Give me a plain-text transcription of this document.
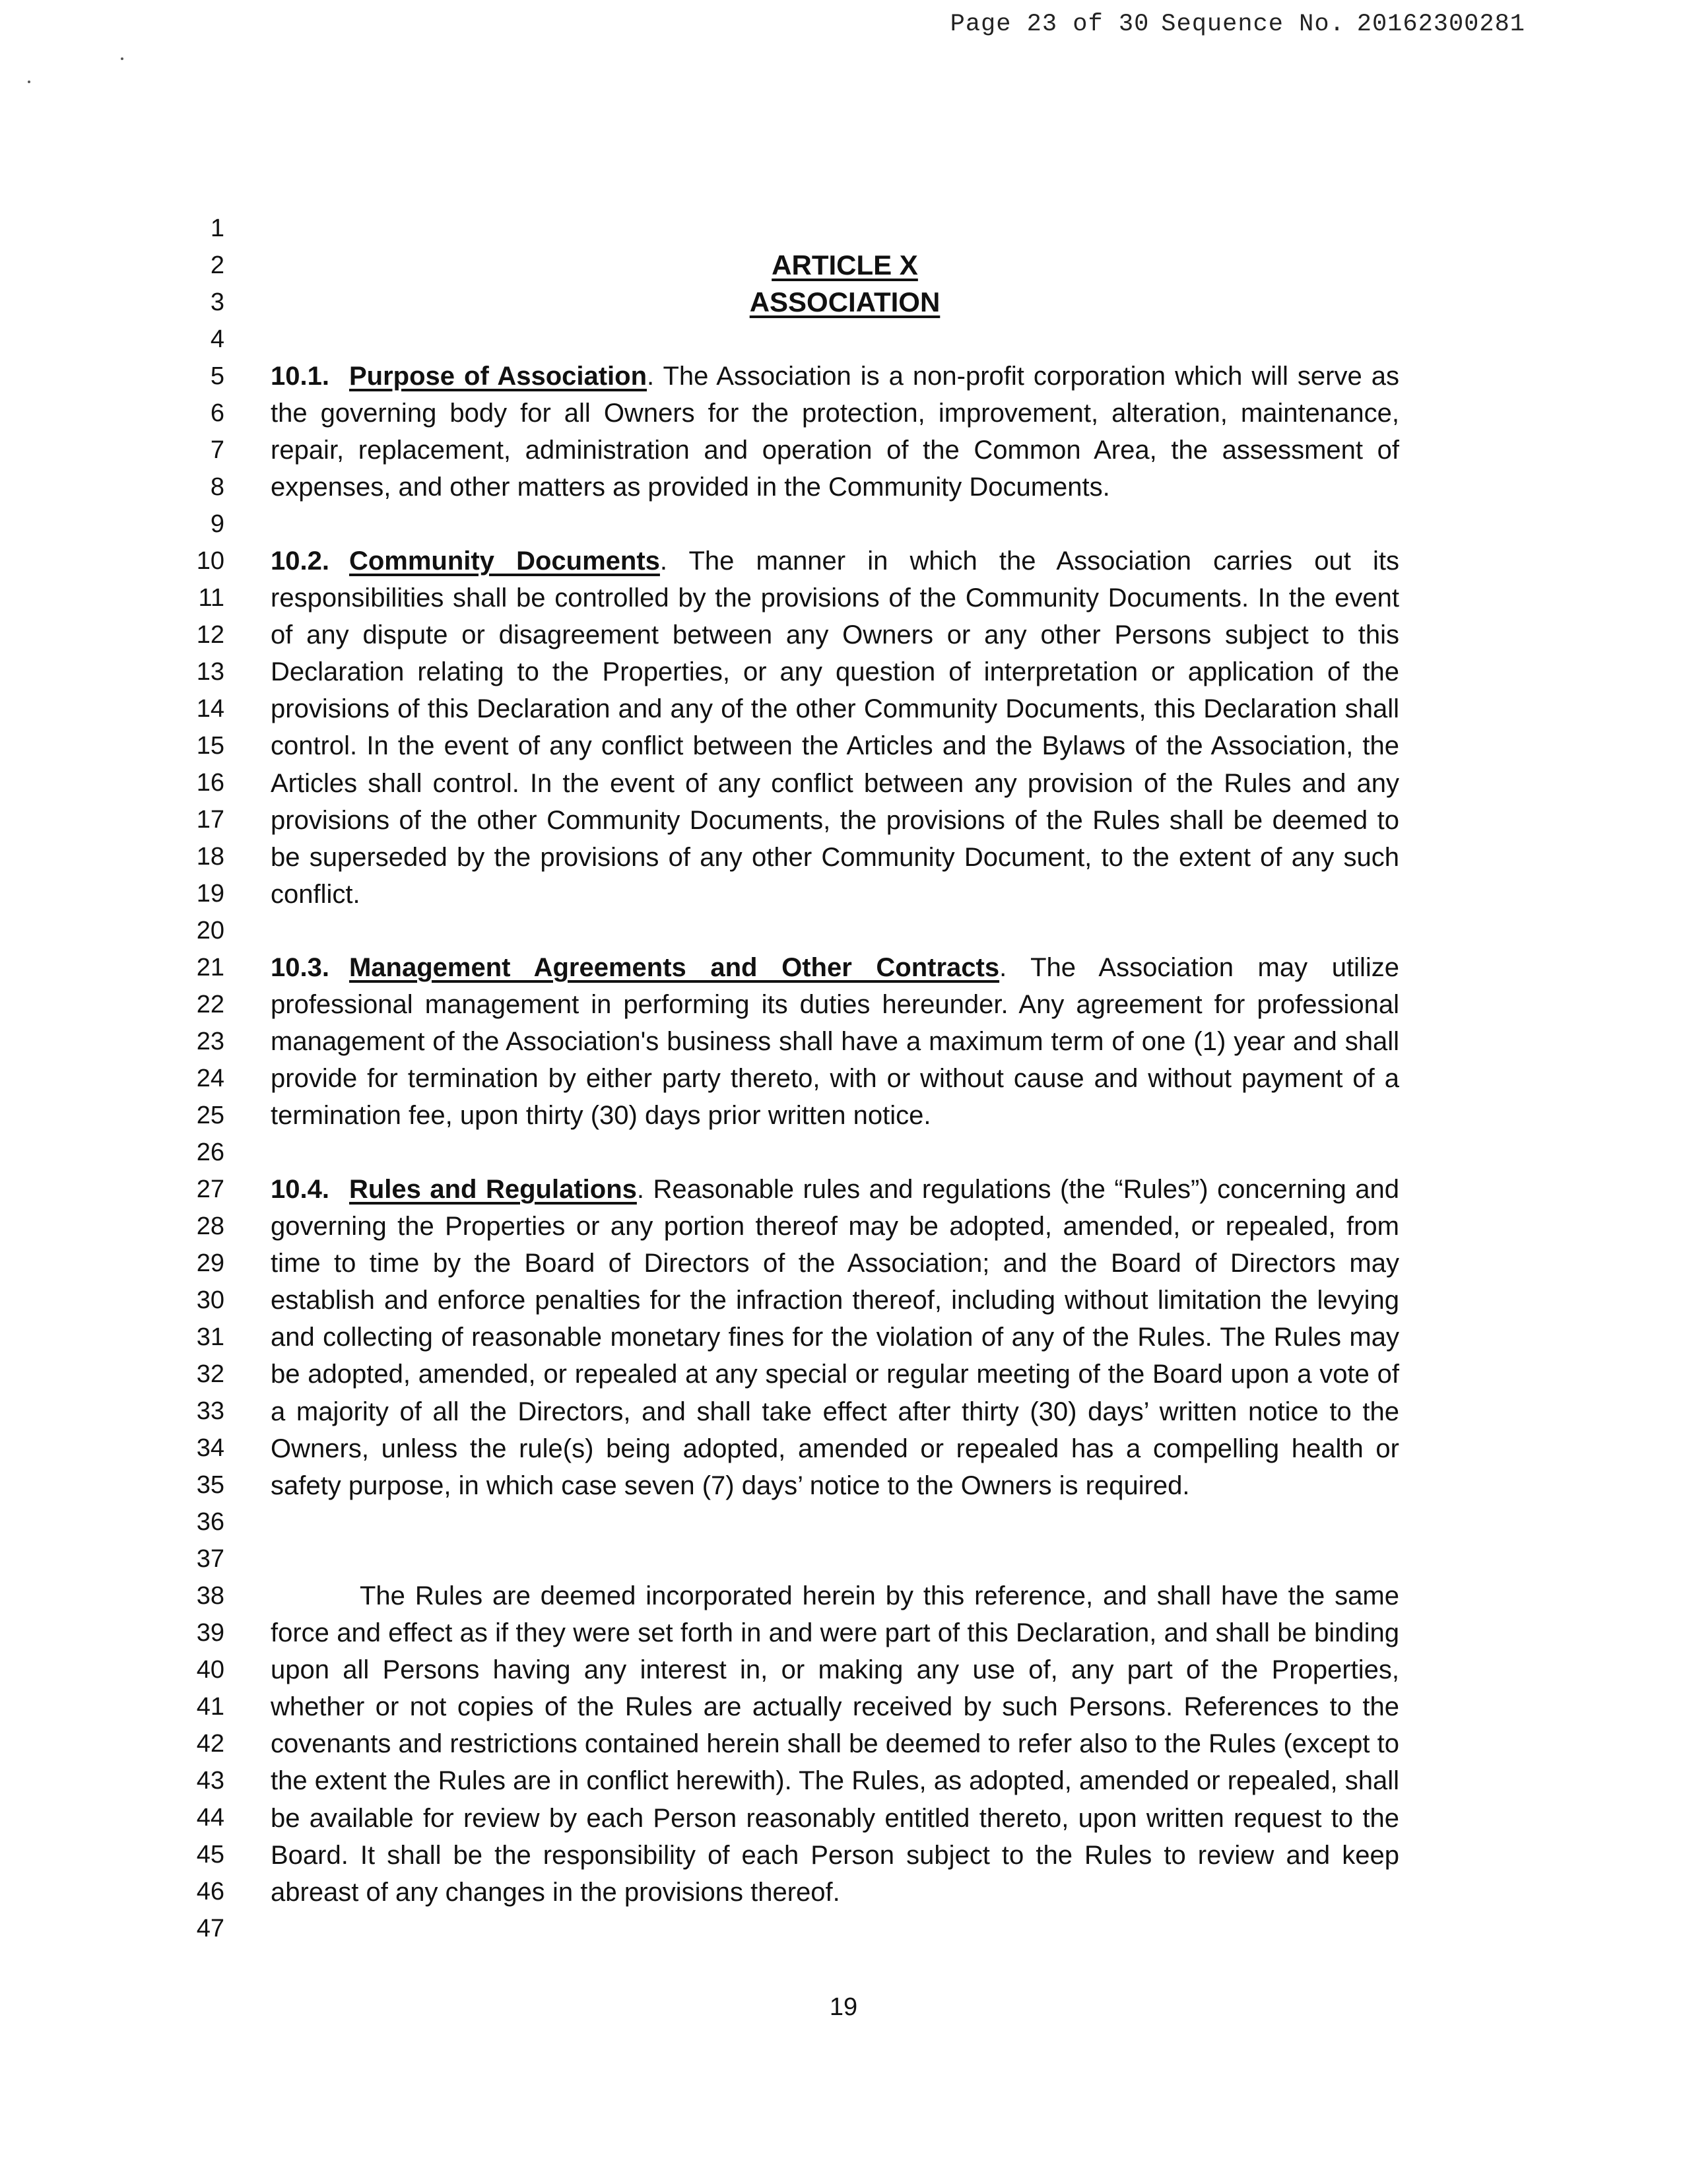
Page 23 of 30 Sequence No. 20162300281
1
2
3
4
5
6
7
8
9
10
11
12
13
14
15
16
17
18
19
20
21
22
23
24
25
26
27
28
29
30
31
32
33
34
35
36
37
38
39
40
41
42
43
44
45
46
47
ARTICLE X
ASSOCIATION
10.1. Purpose of Association. The Association is a non-profit corporation which will serve as the governing body for all Owners for the protection, improvement, alteration, maintenance, repair, replacement, administration and operation of the Common Area, the assessment of expenses, and other matters as provided in the Community Documents.
10.2. Community Documents. The manner in which the Association carries out its responsibilities shall be controlled by the provisions of the Community Documents. In the event of any dispute or disagreement between any Owners or any other Persons subject to this Declaration relating to the Properties, or any question of interpretation or application of the provisions of this Declaration and any of the other Community Documents, this Declaration shall control. In the event of any conflict between the Articles and the Bylaws of the Association, the Articles shall control. In the event of any conflict between any provision of the Rules and any provisions of the other Community Documents, the provisions of the Rules shall be deemed to be superseded by the provisions of any other Community Document, to the extent of any such conflict.
10.3. Management Agreements and Other Contracts. The Association may utilize professional management in performing its duties hereunder. Any agreement for professional management of the Association's business shall have a maximum term of one (1) year and shall provide for termination by either party thereto, with or without cause and without payment of a termination fee, upon thirty (30) days prior written notice.
10.4. Rules and Regulations. Reasonable rules and regulations (the “Rules”) concerning and governing the Properties or any portion thereof may be adopted, amended, or repealed, from time to time by the Board of Directors of the Association; and the Board of Directors may establish and enforce penalties for the infraction thereof, including without limitation the levying and collecting of reasonable monetary fines for the violation of any of the Rules. The Rules may be adopted, amended, or repealed at any special or regular meeting of the Board upon a vote of a majority of all the Directors, and shall take effect after thirty (30) days’ written notice to the Owners, unless the rule(s) being adopted, amended or repealed has a compelling health or safety purpose, in which case seven (7) days’ notice to the Owners is required.
The Rules are deemed incorporated herein by this reference, and shall have the same force and effect as if they were set forth in and were part of this Declaration, and shall be binding upon all Persons having any interest in, or making any use of, any part of the Properties, whether or not copies of the Rules are actually received by such Persons. References to the covenants and restrictions contained herein shall be deemed to refer also to the Rules (except to the extent the Rules are in conflict herewith). The Rules, as adopted, amended or repealed, shall be available for review by each Person reasonably entitled thereto, upon written request to the Board. It shall be the responsibility of each Person subject to the Rules to review and keep abreast of any changes in the provisions thereof.
19
